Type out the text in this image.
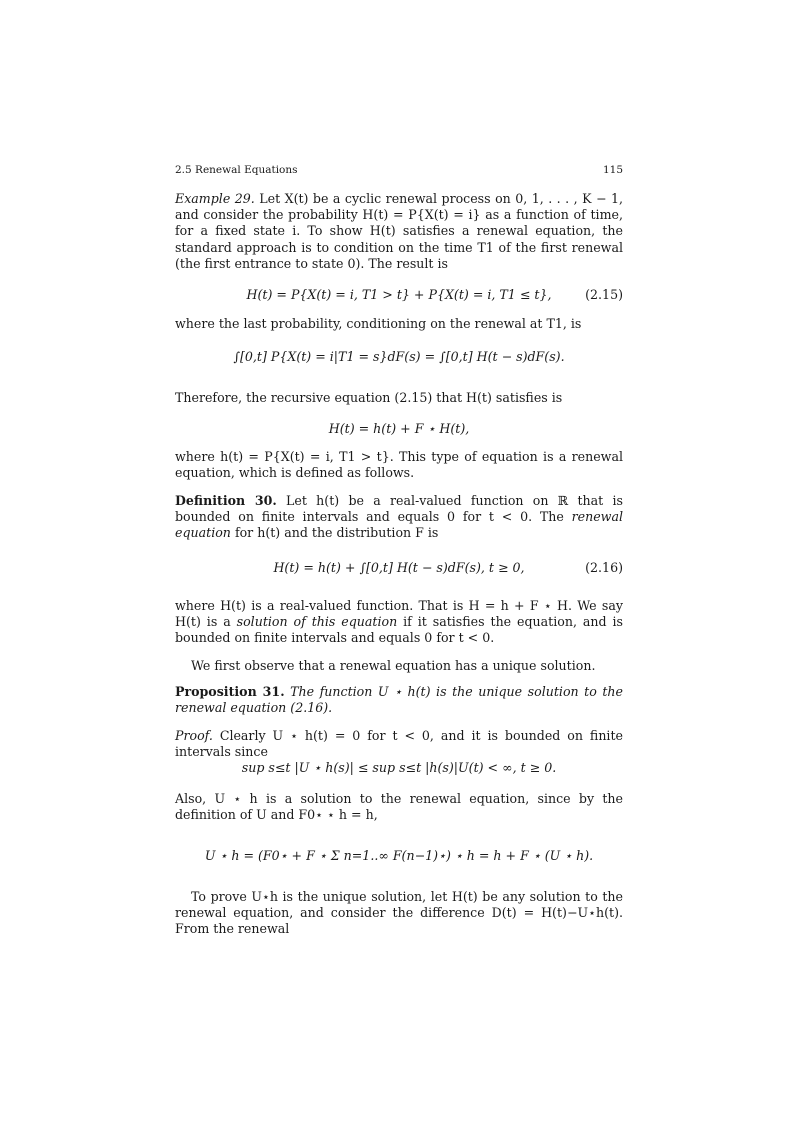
2.5 Renewal Equations	115

Example 29. Let X(t) be a cyclic renewal process on 0, 1, . . . , K − 1, and consider the probability H(t) = P{X(t) = i} as a function of time, for a fixed state i. To show H(t) satisfies a renewal equation, the standard approach is to condition on the time T1 of the first renewal (the first entrance to state 0). The result is

H(t) = P{X(t) = i, T1 > t} + P{X(t) = i, T1 ≤ t},	(2.15)

where the last probability, conditioning on the renewal at T1, is

∫[0,t] P{X(t) = i|T1 = s}dF(s) = ∫[0,t] H(t − s)dF(s).

Therefore, the recursive equation (2.15) that H(t) satisfies is

H(t) = h(t) + F ⋆ H(t),

where h(t) = P{X(t) = i, T1 > t}. This type of equation is a renewal equation, which is defined as follows.

Definition 30. Let h(t) be a real-valued function on ℝ that is bounded on finite intervals and equals 0 for t < 0. The renewal equation for h(t) and the distribution F is

H(t) = h(t) + ∫[0,t] H(t − s)dF(s), t ≥ 0,	(2.16)

where H(t) is a real-valued function. That is H = h + F ⋆ H. We say H(t) is a solution of this equation if it satisfies the equation, and is bounded on finite intervals and equals 0 for t < 0.

We first observe that a renewal equation has a unique solution.

Proposition 31. The function U ⋆ h(t) is the unique solution to the renewal equation (2.16).

Proof. Clearly U ⋆ h(t) = 0 for t < 0, and it is bounded on finite intervals since

sup s≤t |U ⋆ h(s)| ≤ sup s≤t |h(s)|U(t) < ∞, t ≥ 0.

Also, U ⋆ h is a solution to the renewal equation, since by the definition of U and F0⋆ ⋆ h = h,

U ⋆ h = (F0⋆ + F ⋆ Σ n=1..∞ F(n−1)⋆) ⋆ h = h + F ⋆ (U ⋆ h).

To prove U⋆h is the unique solution, let H(t) be any solution to the renewal equation, and consider the difference D(t) = H(t)−U⋆h(t). From the renewal
